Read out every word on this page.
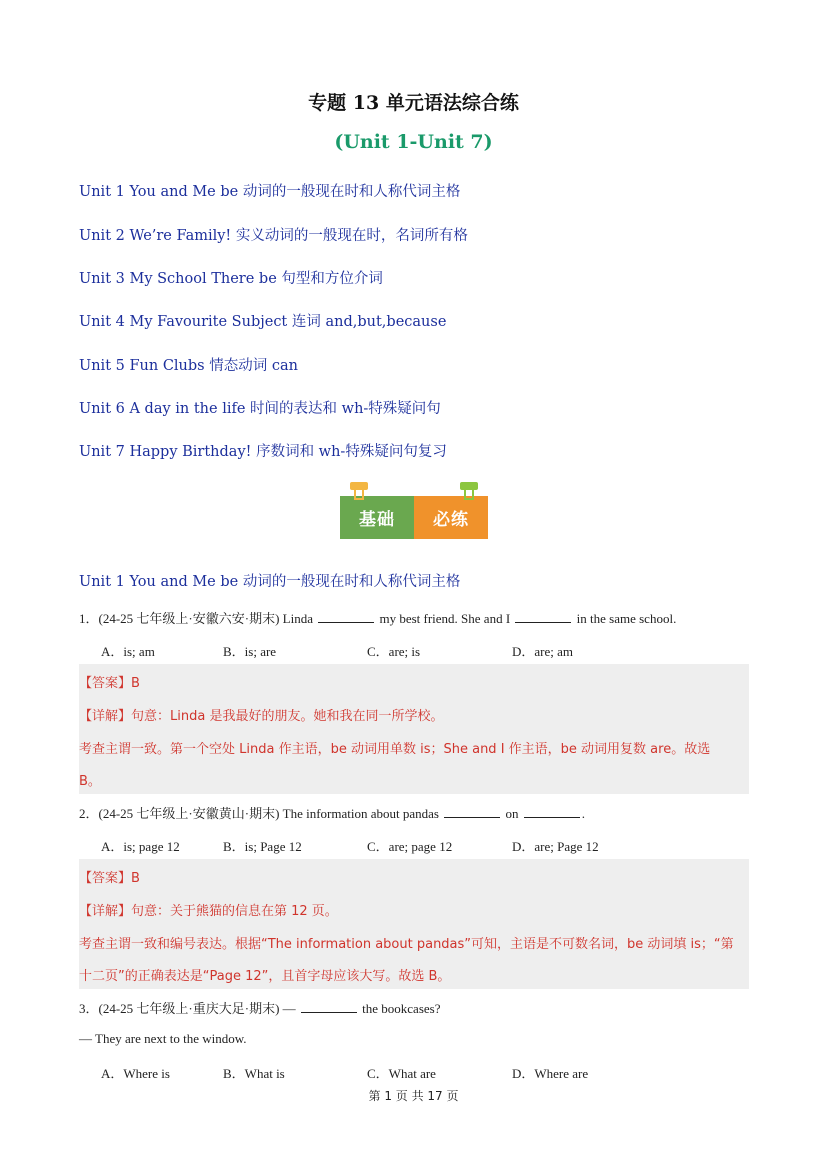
专题 13 单元语法综合练
(Unit 1-Unit 7)
Unit 1 You and Me be 动词的一般现在时和人称代词主格
Unit 2 We’re Family! 实义动词的一般现在时，名词所有格
Unit 3 My School There be 句型和方位介词
Unit 4 My Favourite Subject 连词 and,but,because
Unit 5 Fun Clubs 情态动词 can
Unit 6 A day in the life 时间的表达和 wh-特殊疑问句
Unit 7 Happy Birthday! 序数词和 wh-特殊疑问句复习
基础	必练
Unit 1 You and Me be 动词的一般现在时和人称代词主格
1．(24-25 七年级上·安徽六安·期末) Linda	my best friend. She and I	in the same school.
A．is; am	B．is; are	C．are; is	D．are; am
【答案】B
【详解】句意：Linda 是我最好的朋友。她和我在同一所学校。
考查主谓一致。第一个空处 Linda 作主语，be 动词用单数 is；She and I 作主语，be 动词用复数 are。故选
B。
2．(24-25 七年级上·安徽黄山·期末) The information about pandas	on	.
A．is; page 12	B．is; Page 12	C．are; page 12	D．are; Page 12
【答案】B
【详解】句意：关于熊猫的信息在第 12 页。
考查主谓一致和编号表达。根据“The information about pandas”可知，主语是不可数名词，be 动词填 is；“第
十二页”的正确表达是“Page 12”，且首字母应该大写。故选 B。
3．(24-25 七年级上·重庆大足·期末) —	the bookcases?
— They are next to the window.
A．Where is	B．What is	C．What are	D．Where are
第 1 页 共 17 页
